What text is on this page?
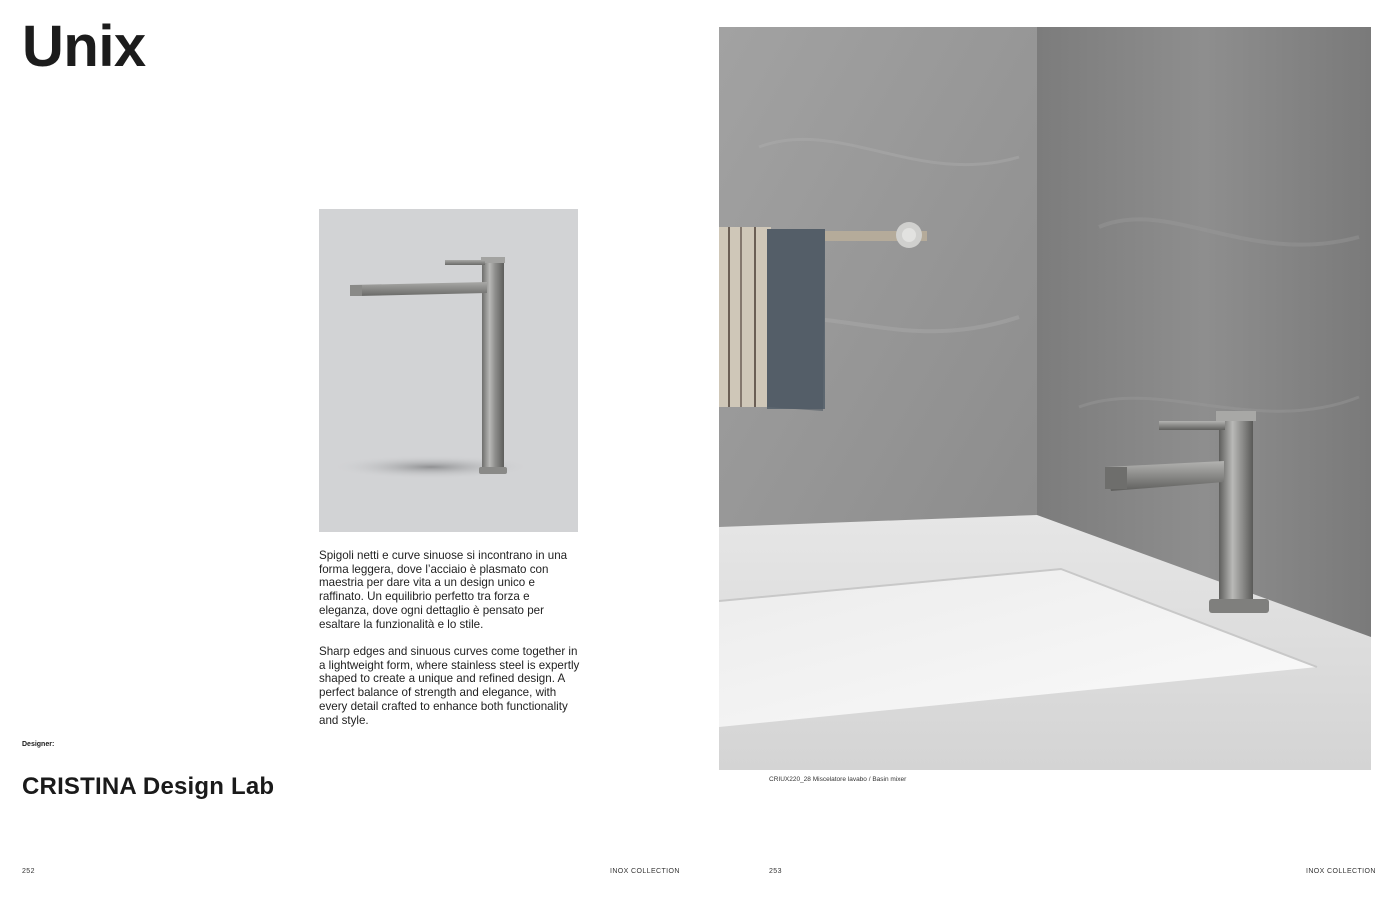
Unix

Spigoli netti e curve sinuose si incontrano in una forma leggera, dove l’acciaio è plasmato con maestria per dare vita a un design unico e raffinato. Un equilibrio perfetto tra forza e eleganza, dove ogni dettaglio è pensato per esaltare la funzionalità e lo stile.

Sharp edges and sinuous curves come together in a lightweight form, where stainless steel is expertly shaped to create a unique and refined design. A perfect balance of strength and elegance, with every detail crafted to enhance both functionality and style.

Designer:
CRISTINA Design Lab
252	INOX COLLECTION
CRIUX220_28 Miscelatore lavabo / Basin mixer
253	INOX COLLECTION
